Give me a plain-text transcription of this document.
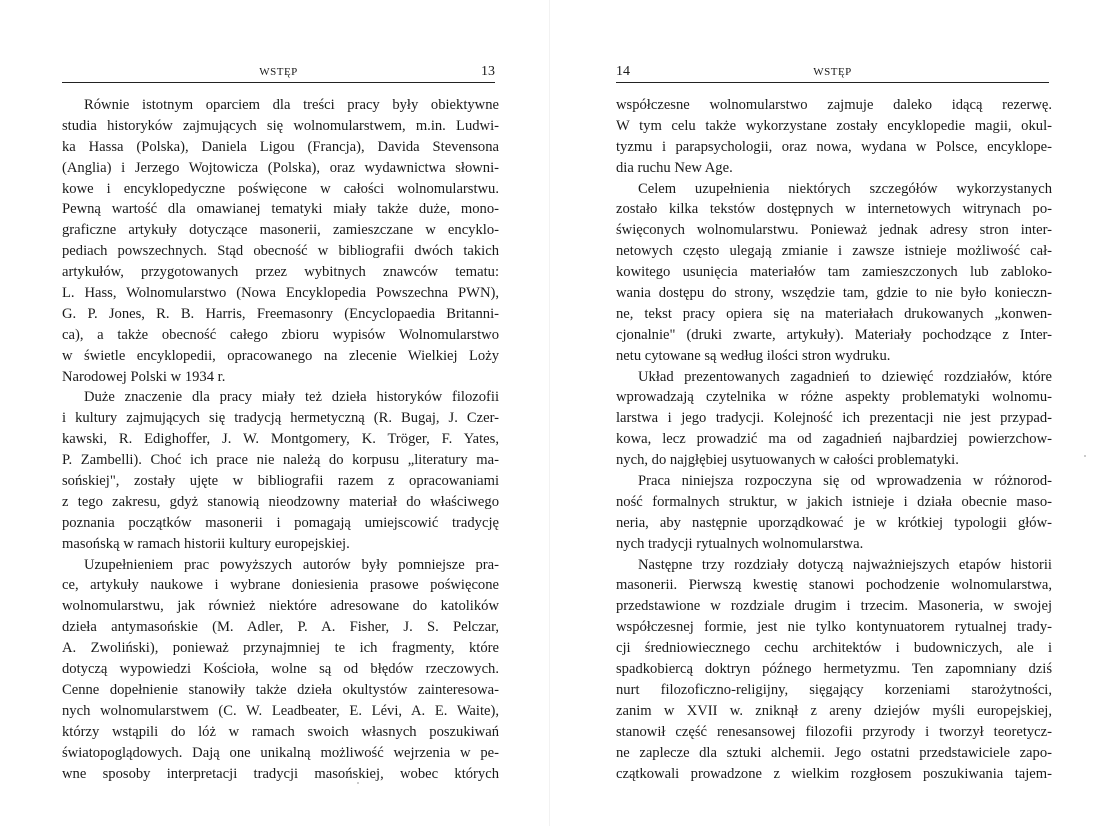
WSTĘP	13
Równie istotnym oparciem dla treści pracy były obiektywne
studia historyków zajmujących się wolnomularstwem, m.in. Ludwi-
ka Hassa (Polska), Daniela Ligou (Francja), Davida Stevensona
(Anglia) i Jerzego Wojtowicza (Polska), oraz wydawnictwa słowni-
kowe i encyklopedyczne poświęcone w całości wolnomularstwu.
Pewną wartość dla omawianej tematyki miały także duże, mono-
graficzne artykuły dotyczące masonerii, zamieszczane w encyklo-
pediach powszechnych. Stąd obecność w bibliografii dwóch takich
artykułów, przygotowanych przez wybitnych znawców tematu:
L. Hass, Wolnomularstwo (Nowa Encyklopedia Powszechna PWN),
G. P. Jones, R. B. Harris, Freemasonry (Encyclopaedia Britanni-
ca), a także obecność całego zbioru wypisów Wolnomularstwo
w świetle encyklopedii, opracowanego na zlecenie Wielkiej Loży
Narodowej Polski w 1934 r.
Duże znaczenie dla pracy miały też dzieła historyków filozofii
i kultury zajmujących się tradycją hermetyczną (R. Bugaj, J. Czer-
kawski, R. Edighoffer, J. W. Montgomery, K. Tröger, F. Yates,
P. Zambelli). Choć ich prace nie należą do korpusu „literatury ma-
sońskiej", zostały ujęte w bibliografii razem z opracowaniami
z tego zakresu, gdyż stanowią nieodzowny materiał do właściwego
poznania początków masonerii i pomagają umiejscowić tradycję
masońską w ramach historii kultury europejskiej.
Uzupełnieniem prac powyższych autorów były pomniejsze pra-
ce, artykuły naukowe i wybrane doniesienia prasowe poświęcone
wolnomularstwu, jak również niektóre adresowane do katolików
dzieła antymasońskie (M. Adler, P. A. Fisher, J. S. Pelczar,
A. Zwoliński), ponieważ przynajmniej te ich fragmenty, które
dotyczą wypowiedzi Kościoła, wolne są od błędów rzeczowych.
Cenne dopełnienie stanowiły także dzieła okultystów zainteresowa-
nych wolnomularstwem (C. W. Leadbeater, E. Lévi, A. E. Waite),
którzy wstąpili do lóż w ramach swoich własnych poszukiwań
światopoglądowych. Dają one unikalną możliwość wejrzenia w pe-
wne sposoby interpretacji tradycji masońskiej, wobec których
14	WSTĘP
współczesne wolnomularstwo zajmuje daleko idącą rezerwę.
W tym celu także wykorzystane zostały encyklopedie magii, okul-
tyzmu i parapsychologii, oraz nowa, wydana w Polsce, encyklope-
dia ruchu New Age.
Celem uzupełnienia niektórych szczegółów wykorzystanych
zostało kilka tekstów dostępnych w internetowych witrynach po-
święconych wolnomularstwu. Ponieważ jednak adresy stron inter-
netowych często ulegają zmianie i zawsze istnieje możliwość cał-
kowitego usunięcia materiałów tam zamieszczonych lub zabloko-
wania dostępu do strony, wszędzie tam, gdzie to nie było konieczn-
ne, tekst pracy opiera się na materiałach drukowanych „konwen-
cjonalnie" (druki zwarte, artykuły). Materiały pochodzące z Inter-
netu cytowane są według ilości stron wydruku.
Układ prezentowanych zagadnień to dziewięć rozdziałów, które
wprowadzają czytelnika w różne aspekty problematyki wolnomu-
larstwa i jego tradycji. Kolejność ich prezentacji nie jest przypad-
kowa, lecz prowadzić ma od zagadnień najbardziej powierzchow-
nych, do najgłębiej usytuowanych w całości problematyki.
Praca niniejsza rozpoczyna się od wprowadzenia w różnorod-
ność formalnych struktur, w jakich istnieje i działa obecnie maso-
neria, aby następnie uporządkować je w krótkiej typologii głów-
nych tradycji rytualnych wolnomularstwa.
Następne trzy rozdziały dotyczą najważniejszych etapów historii
masonerii. Pierwszą kwestię stanowi pochodzenie wolnomularstwa,
przedstawione w rozdziale drugim i trzecim. Masoneria, w swojej
współczesnej formie, jest nie tylko kontynuatorem rytualnej trady-
cji średniowiecznego cechu architektów i budowniczych, ale i
spadkobiercą doktryn późnego hermetyzmu. Ten zapomniany dziś
nurt filozoficzno-religijny, sięgający korzeniami starożytności,
zanim w XVII w. zniknął z areny dziejów myśli europejskiej,
stanowił część renesansowej filozofii przyrody i tworzył teoretycz-
ne zaplecze dla sztuki alchemii. Jego ostatni przedstawiciele zapo-
czątkowali prowadzone z wielkim rozgłosem poszukiwania tajem-
